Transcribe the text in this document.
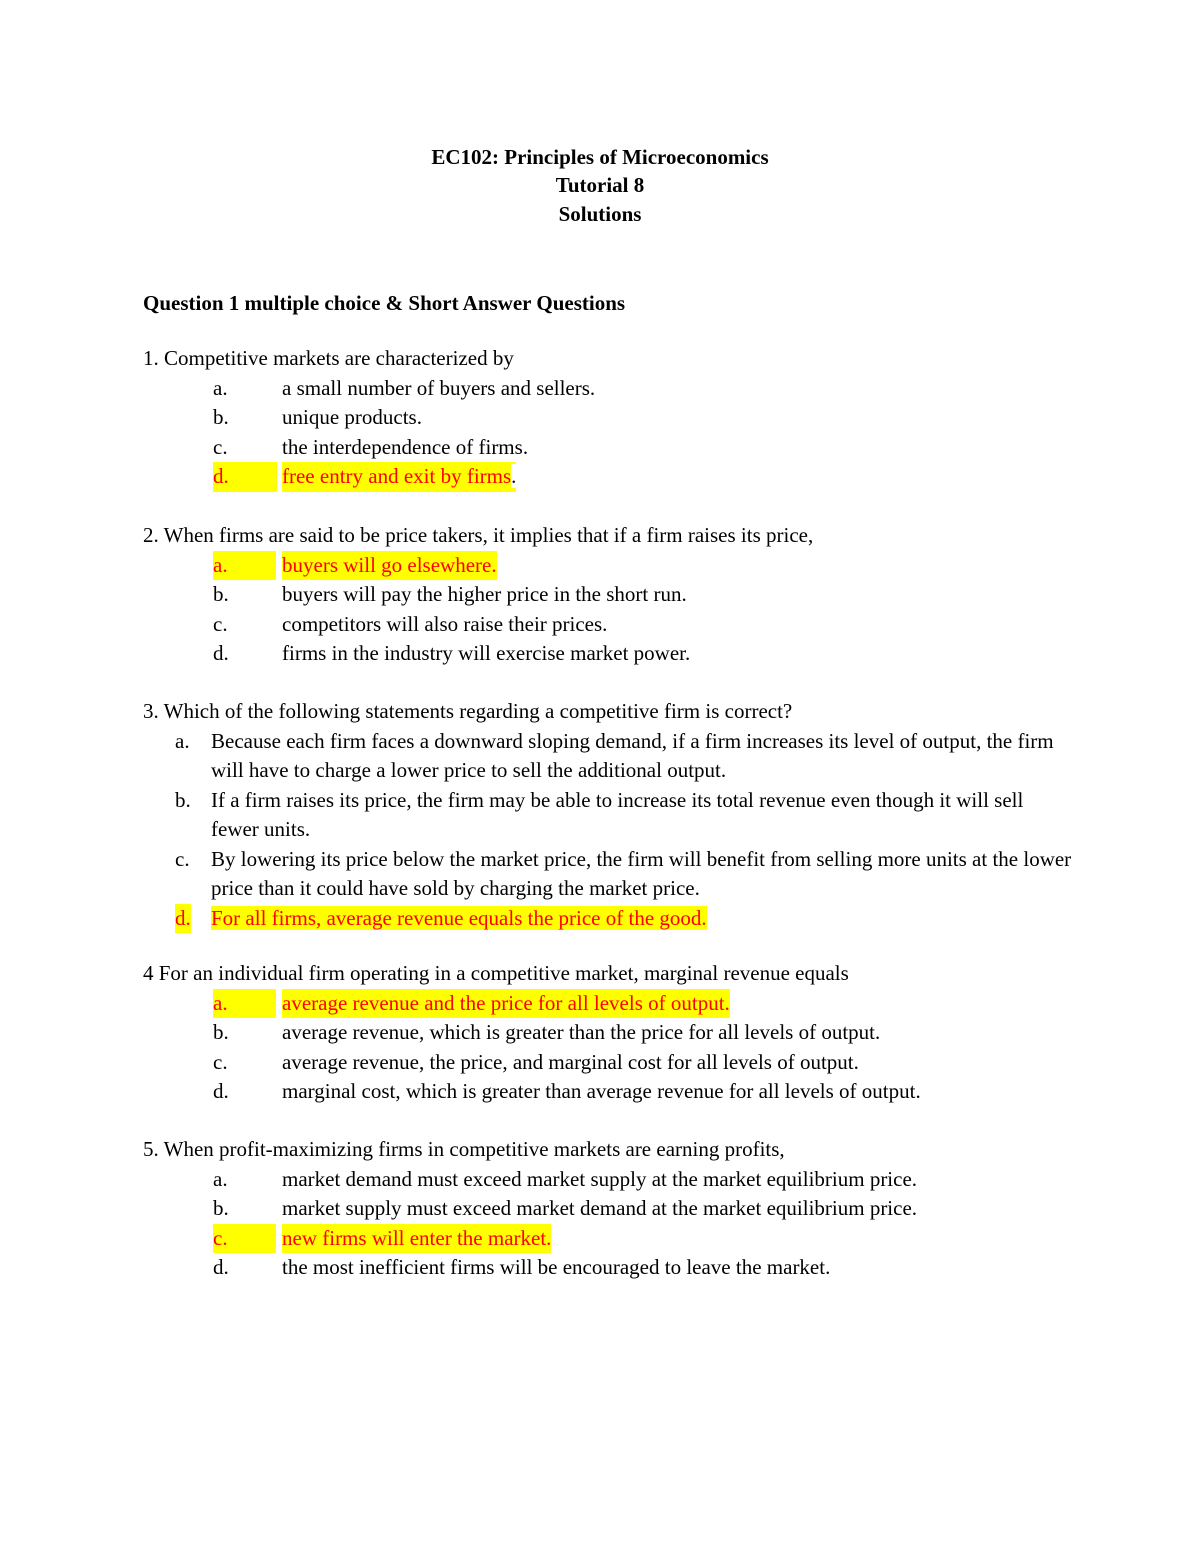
EC102: Principles of Microeconomics
Tutorial 8
Solutions
Question 1 multiple choice & Short Answer Questions
1. Competitive markets are characterized by
a.	a small number of buyers and sellers.
b.	unique products.
c.	the interdependence of firms.
d.	free entry and exit by firms.
2. When firms are said to be price takers, it implies that if a firm raises its price,
a.	buyers will go elsewhere.
b.	buyers will pay the higher price in the short run.
c.	competitors will also raise their prices.
d.	firms in the industry will exercise market power.
3. Which of the following statements regarding a competitive firm is correct?
a. Because each firm faces a downward sloping demand, if a firm increases its level of output, the firm will have to charge a lower price to sell the additional output.
b. If a firm raises its price, the firm may be able to increase its total revenue even though it will sell fewer units.
c. By lowering its price below the market price, the firm will benefit from selling more units at the lower price than it could have sold by charging the market price.
d. For all firms, average revenue equals the price of the good.
4 For an individual firm operating in a competitive market, marginal revenue equals
a.	average revenue and the price for all levels of output.
b.	average revenue, which is greater than the price for all levels of output.
c.	average revenue, the price, and marginal cost for all levels of output.
d.	marginal cost, which is greater than average revenue for all levels of output.
5. When profit-maximizing firms in competitive markets are earning profits,
a.	market demand must exceed market supply at the market equilibrium price.
b.	market supply must exceed market demand at the market equilibrium price.
c.	new firms will enter the market.
d.	the most inefficient firms will be encouraged to leave the market.
